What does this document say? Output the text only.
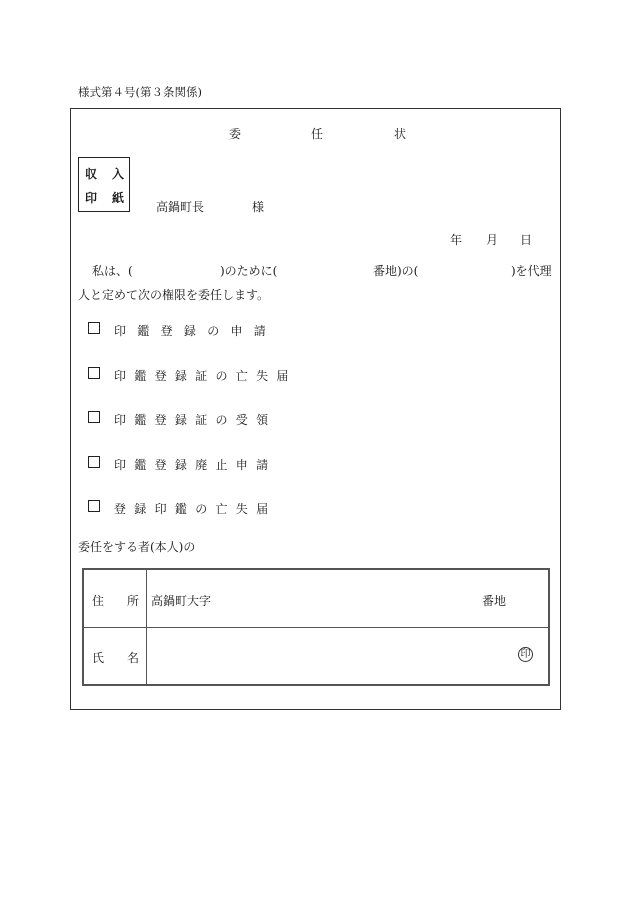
様式第４号(第３条関係)
委	任	状
収 入
印 紙
高鍋町長	様
年 月 日
私は、(	)のために(	番地)の(	)を代理
人と定めて次の権限を委任します。
印 鑑 登 録 の 申 請
印 鑑 登 録 証 の 亡 失 届
印 鑑 登 録 証 の 受 領
印 鑑 登 録 廃 止 申 請
登 録 印 鑑 の 亡 失 届
委任をする者(本人)の
住 所 高鍋町大字	番地
氏 名	印
